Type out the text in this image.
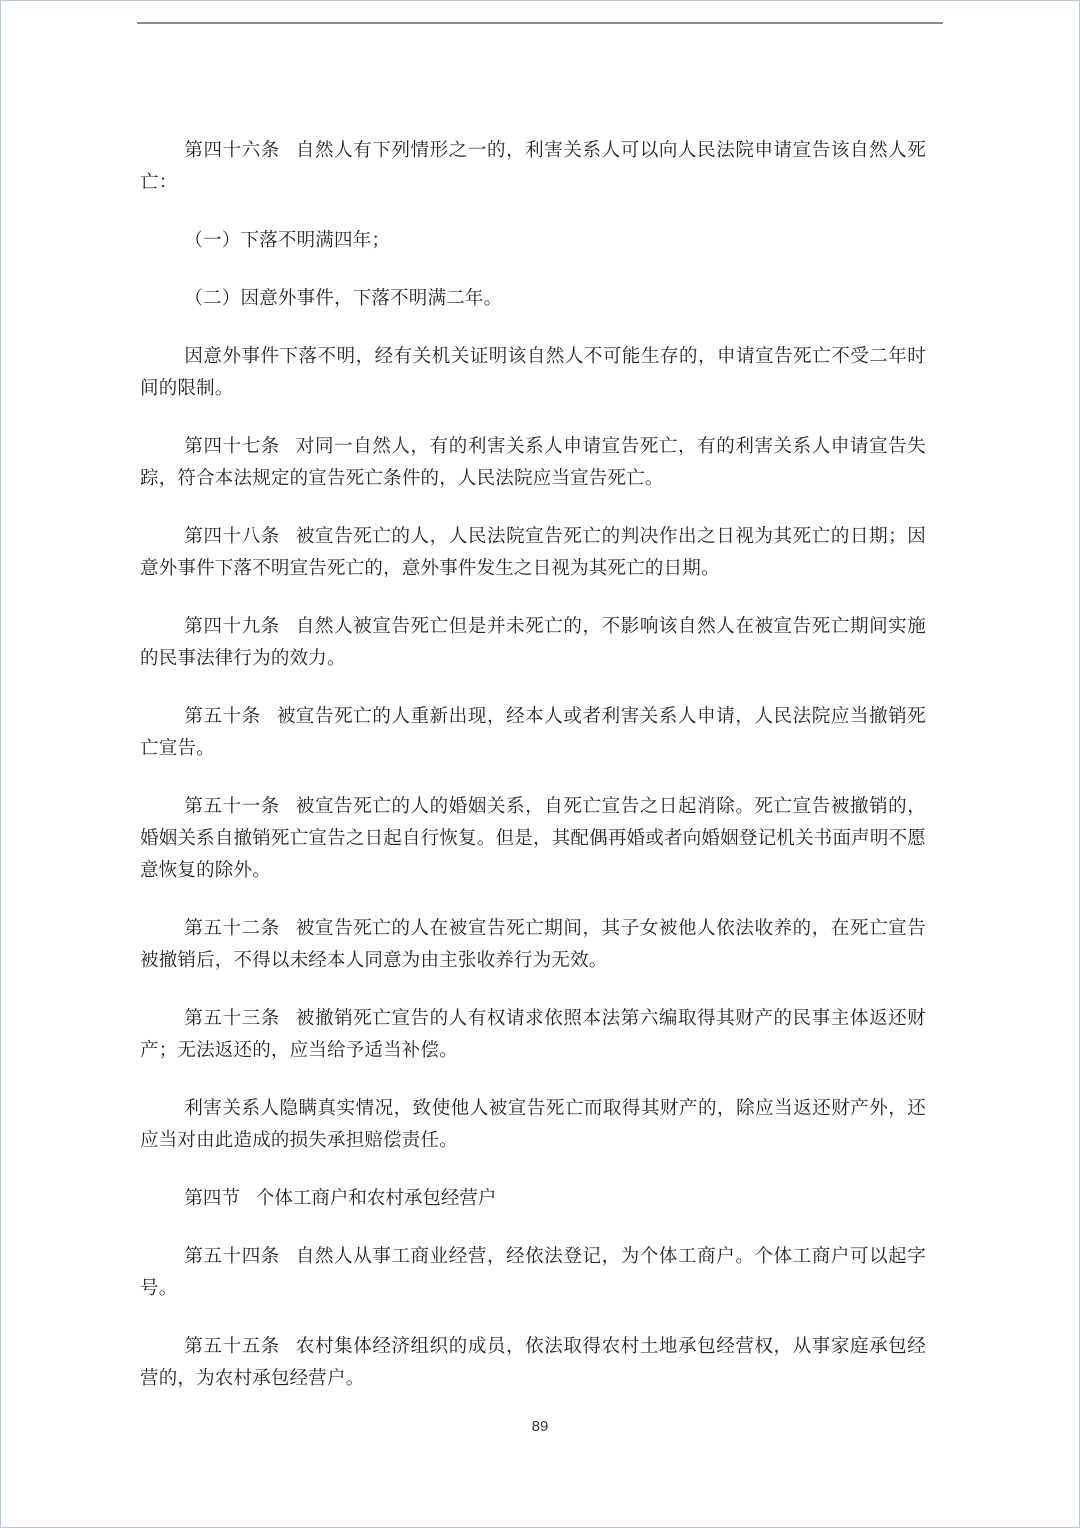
第四十六条 自然人有下列情形之一的，利害关系人可以向人民法院申请宣告该自然人死亡：

（一）下落不明满四年；

（二）因意外事件，下落不明满二年。

因意外事件下落不明，经有关机关证明该自然人不可能生存的，申请宣告死亡不受二年时间的限制。

第四十七条 对同一自然人，有的利害关系人申请宣告死亡，有的利害关系人申请宣告失踪，符合本法规定的宣告死亡条件的，人民法院应当宣告死亡。

第四十八条 被宣告死亡的人，人民法院宣告死亡的判决作出之日视为其死亡的日期；因意外事件下落不明宣告死亡的，意外事件发生之日视为其死亡的日期。

第四十九条 自然人被宣告死亡但是并未死亡的，不影响该自然人在被宣告死亡期间实施的民事法律行为的效力。

第五十条 被宣告死亡的人重新出现，经本人或者利害关系人申请，人民法院应当撤销死亡宣告。

第五十一条 被宣告死亡的人的婚姻关系，自死亡宣告之日起消除。死亡宣告被撤销的，婚姻关系自撤销死亡宣告之日起自行恢复。但是，其配偶再婚或者向婚姻登记机关书面声明不愿意恢复的除外。

第五十二条 被宣告死亡的人在被宣告死亡期间，其子女被他人依法收养的，在死亡宣告被撤销后，不得以未经本人同意为由主张收养行为无效。

第五十三条 被撤销死亡宣告的人有权请求依照本法第六编取得其财产的民事主体返还财产；无法返还的，应当给予适当补偿。

利害关系人隐瞒真实情况，致使他人被宣告死亡而取得其财产的，除应当返还财产外，还应当对由此造成的损失承担赔偿责任。

第四节 个体工商户和农村承包经营户

第五十四条 自然人从事工商业经营，经依法登记，为个体工商户。个体工商户可以起字号。

第五十五条 农村集体经济组织的成员，依法取得农村土地承包经营权，从事家庭承包经营的，为农村承包经营户。

89
